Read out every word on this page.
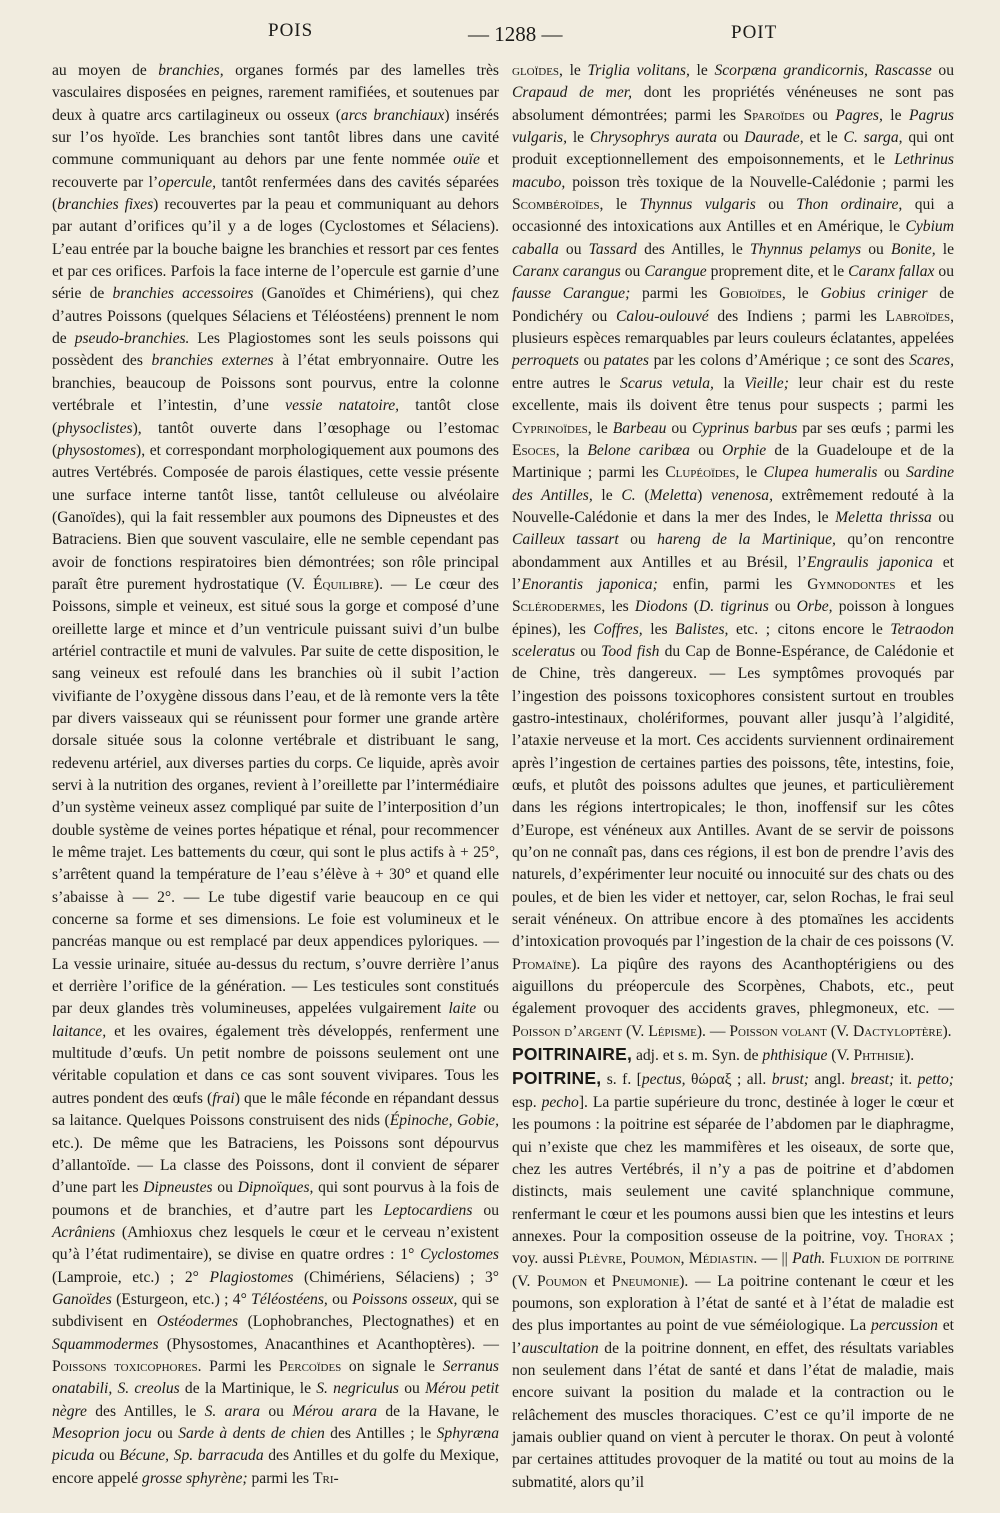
POIS	— 1288 —	POIT

au moyen de branchies, organes formés par des lamelles très vasculaires disposées en peignes, rarement ramifiées, et soutenues par deux à quatre arcs cartilagineux ou osseux (arcs branchiaux) insérés sur l’os hyoïde. Les branchies sont tantôt libres dans une cavité commune communiquant au dehors par une fente nommée ouïe et recouverte par l’opercule, tantôt renfermées dans des cavités séparées (branchies fixes) recouvertes par la peau et communiquant au dehors par autant d’orifices qu’il y a de loges (Cyclostomes et Sélaciens). L’eau entrée par la bouche baigne les branchies et ressort par ces fentes et par ces orifices. Parfois la face interne de l’opercule est garnie d’une série de branchies accessoires (Ganoïdes et Chimériens), qui chez d’autres Poissons (quelques Sélaciens et Téléostéens) prennent le nom de pseudo-branchies. Les Plagiostomes sont les seuls poissons qui possèdent des branchies externes à l’état embryonnaire. Outre les branchies, beaucoup de Poissons sont pourvus, entre la colonne vertébrale et l’intestin, d’une vessie natatoire, tantôt close (physoclistes), tantôt ouverte dans l’œsophage ou l’estomac (physostomes), et correspondant morphologiquement aux poumons des autres Vertébrés. Composée de parois élastiques, cette vessie présente une surface interne tantôt lisse, tantôt celluleuse ou alvéolaire (Ganoïdes), qui la fait ressembler aux poumons des Dipneustes et des Batraciens. Bien que souvent vasculaire, elle ne semble cependant pas avoir de fonctions respiratoires bien démontrées; son rôle principal paraît être purement hydrostatique (V. Équilibre). — Le cœur des Poissons, simple et veineux, est situé sous la gorge et composé d’une oreillette large et mince et d’un ventricule puissant suivi d’un bulbe artériel contractile et muni de valvules. Par suite de cette disposition, le sang veineux est refoulé dans les branchies où il subit l’action vivifiante de l’oxygène dissous dans l’eau, et de là remonte vers la tête par divers vaisseaux qui se réunissent pour former une grande artère dorsale située sous la colonne vertébrale et distribuant le sang, redevenu artériel, aux diverses parties du corps. Ce liquide, après avoir servi à la nutrition des organes, revient à l’oreillette par l’intermédiaire d’un système veineux assez compliqué par suite de l’interposition d’un double système de veines portes hépatique et rénal, pour recommencer le même trajet. Les battements du cœur, qui sont le plus actifs à + 25°, s’arrêtent quand la température de l’eau s’élève à + 30° et quand elle s’abaisse à — 2°. — Le tube digestif varie beaucoup en ce qui concerne sa forme et ses dimensions. Le foie est volumineux et le pancréas manque ou est remplacé par deux appendices pyloriques. — La vessie urinaire, située au-dessus du rectum, s’ouvre derrière l’anus et derrière l’orifice de la génération. — Les testicules sont constitués par deux glandes très volumineuses, appelées vulgairement laite ou laitance, et les ovaires, également très développés, renferment une multitude d’œufs. Un petit nombre de poissons seulement ont une véritable copulation et dans ce cas sont souvent vivipares. Tous les autres pondent des œufs (frai) que le mâle féconde en répandant dessus sa laitance. Quelques Poissons construisent des nids (Épinoche, Gobie, etc.). De même que les Batraciens, les Poissons sont dépourvus d’allantoïde. — La classe des Poissons, dont il convient de séparer d’une part les Dipneustes ou Dipnoïques, qui sont pourvus à la fois de poumons et de branchies, et d’autre part les Leptocardiens ou Acrâniens (Amhioxus chez lesquels le cœur et le cerveau n’existent qu’à l’état rudimentaire), se divise en quatre ordres : 1° Cyclostomes (Lamproie, etc.) ; 2° Plagiostomes (Chimériens, Sélaciens) ; 3° Ganoïdes (Esturgeon, etc.) ; 4° Téléostéens, ou Poissons osseux, qui se subdivisent en Ostéodermes (Lophobranches, Plectognathes) et en Squammodermes (Physostomes, Anacanthines et Acanthoptères). — Poissons toxicophores. Parmi les Percoïdes on signale le Serranus onatabili, S. creolus de la Martinique, le S. negriculus ou Mérou petit nègre des Antilles, le S. arara ou Mérou arara de la Havane, le Mesoprion jocu ou Sarde à dents de chien des Antilles ; le Sphyræna picuda ou Bécune, Sp. barracuda des Antilles et du golfe du Mexique, encore appelé grosse sphyrène; parmi les Tri-

gloïdes, le Triglia volitans, le Scorpæna grandicornis, Rascasse ou Crapaud de mer, dont les propriétés vénéneuses ne sont pas absolument démontrées; parmi les Sparoïdes ou Pagres, le Pagrus vulgaris, le Chrysophrys aurata ou Daurade, et le C. sarga, qui ont produit exceptionnellement des empoisonnements, et le Lethrinus macubo, poisson très toxique de la Nouvelle-Calédonie ; parmi les Scombéroïdes, le Thynnus vulgaris ou Thon ordinaire, qui a occasionné des intoxications aux Antilles et en Amérique, le Cybium caballa ou Tassard des Antilles, le Thynnus pelamys ou Bonite, le Caranx carangus ou Carangue proprement dite, et le Caranx fallax ou fausse Carangue; parmi les Gobioïdes, le Gobius criniger de Pondichéry ou Calou-oulouvé des Indiens ; parmi les Labroïdes, plusieurs espèces remarquables par leurs couleurs éclatantes, appelées perroquets ou patates par les colons d’Amérique ; ce sont des Scares, entre autres le Scarus vetula, la Vieille; leur chair est du reste excellente, mais ils doivent être tenus pour suspects ; parmi les Cyprinoïdes, le Barbeau ou Cyprinus barbus par ses œufs ; parmi les Esoces, la Belone caribæa ou Orphie de la Guadeloupe et de la Martinique ; parmi les Clupéoïdes, le Clupea humeralis ou Sardine des Antilles, le C. (Meletta) venenosa, extrêmement redouté à la Nouvelle-Calédonie et dans la mer des Indes, le Meletta thrissa ou Cailleux tassart ou hareng de la Martinique, qu’on rencontre abondamment aux Antilles et au Brésil, l’Engraulis japonica et l’Enorantis japonica; enfin, parmi les Gymnodontes et les Sclérodermes, les Diodons (D. tigrinus ou Orbe, poisson à longues épines), les Coffres, les Balistes, etc. ; citons encore le Tetraodon sceleratus ou Tood fish du Cap de Bonne-Espérance, de Calédonie et de Chine, très dangereux. — Les symptômes provoqués par l’ingestion des poissons toxicophores consistent surtout en troubles gastro-intestinaux, cholériformes, pouvant aller jusqu’à l’algidité, l’ataxie nerveuse et la mort. Ces accidents surviennent ordinairement après l’ingestion de certaines parties des poissons, tête, intestins, foie, œufs, et plutôt des poissons adultes que jeunes, et particulièrement dans les régions intertropicales; le thon, inoffensif sur les côtes d’Europe, est vénéneux aux Antilles. Avant de se servir de poissons qu’on ne connaît pas, dans ces régions, il est bon de prendre l’avis des naturels, d’expérimenter leur nocuité ou innocuité sur des chats ou des poules, et de bien les vider et nettoyer, car, selon Rochas, le frai seul serait vénéneux. On attribue encore à des ptomaïnes les accidents d’intoxication provoqués par l’ingestion de la chair de ces poissons (V. Ptomaïne). La piqûre des rayons des Acanthoptérigiens ou des aiguillons du préopercule des Scorpènes, Chabots, etc., peut également provoquer des accidents graves, phlegmoneux, etc. — Poisson d’argent (V. Lépisme). — Poisson volant (V. Dactyloptère).

POITRINAIRE, adj. et s. m. Syn. de phthisique (V. Phthisie).

POITRINE, s. f. [pectus, θώραξ ; all. brust; angl. breast; it. petto; esp. pecho]. La partie supérieure du tronc, destinée à loger le cœur et les poumons : la poitrine est séparée de l’abdomen par le diaphragme, qui n’existe que chez les mammifères et les oiseaux, de sorte que, chez les autres Vertébrés, il n’y a pas de poitrine et d’abdomen distincts, mais seulement une cavité splanchnique commune, renfermant le cœur et les poumons aussi bien que les intestins et leurs annexes. Pour la composition osseuse de la poitrine, voy. Thorax ; voy. aussi Plèvre, Poumon, Médiastin. — || Path. Fluxion de poitrine (V. Poumon et Pneumonie). — La poitrine contenant le cœur et les poumons, son exploration à l’état de santé et à l’état de maladie est des plus importantes au point de vue séméiologique. La percussion et l’auscultation de la poitrine donnent, en effet, des résultats variables non seulement dans l’état de santé et dans l’état de maladie, mais encore suivant la position du malade et la contraction ou le relâchement des muscles thoraciques. C’est ce qu’il importe de ne jamais oublier quand on vient à percuter le thorax. On peut à volonté par certaines attitudes provoquer de la matité ou tout au moins de la submatité, alors qu’il
